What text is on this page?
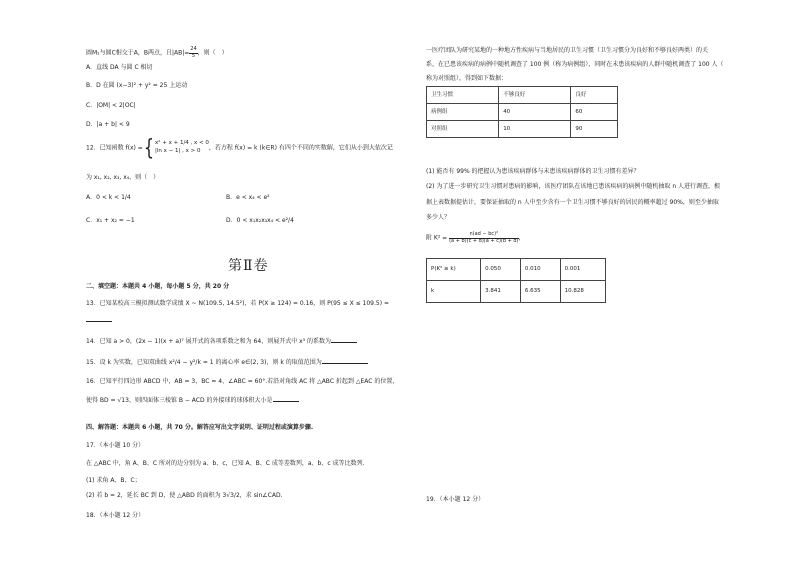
圆M₁与圆C相交于A，B两点，且$|AB|= \frac{24}{5}$ ，则（　）
A．直线 DA 与圆 C 相切
B．D 在圆 (x−3)² + y² = 25 上运动
C．|OM| < 2|OC|
D．|a + b| < 9
12．已知函数 f(x) ={ x² + x + 1/4 , x < 0
|ln x − 1| , x > 0	，若方程 f(x) = k (k∈R) 有四个不同的实数解，它们从小到大依次记
为 x₁, x₂, x₃, x₄，则（　）
A．0 < k < 1/4	B．e < x₄ < e²
C．x₁ + x₂ = −1	D．0 < x₁x₂x₃x₄ < e²/4
第Ⅱ卷
二、填空题：本题共 4 小题，每小题 5 分，共 20 分
13．已知某校高三模拟测试数学成绩 X ~ N(109.5, 14.5²)，若 P(X ≥ 124) = 0.16，则 P(95 ≤ X ≤ 109.5) =
14．已知 a > 0，(2x − 1)(x + a)⁷ 展开式的各项系数之和为 64，则展开式中 x³ 的系数为
15．设 k 为实数，已知双曲线 x²/4 − y²/k = 1 的离心率 e∈(2, 3)，则 k 的取值范围为
16．已知平行四边形 ABCD 中，AB = 3，BC = 4，∠ABC = 60°.若沿对角线 AC 将 △ABC 折起到 △EAC 的位置，
使得 BD = √13，则四面体三棱锥 B − ACD 的外接球的球体积大小是
四、解答题：本题共 6 小题，共 70 分。解答应写出文字说明、证明过程或演算步骤.
17．（本小题 10 分）
在 △ABC 中，角 A、B、C 所对的边分别为 a、b、c，已知 A、B、C 成等差数列，a、b、c 成等比数列.
(1) 求角 A、B、C；
(2) 若 b = 2，延长 BC 到 D，使 △ABD 的面积为 3√3/2，求 sin∠CAD.
18．（本小题 12 分）
一医疗团队为研究某地的一种地方性疾病与当地居民的卫生习惯（卫生习惯分为良好和不够良好两类）的关
系，在已患该疾病的病例中随机调查了 100 例（称为病例组），同时在未患该疾病的人群中随机调查了 100 人（
称为对照组），得到如下数据：
卫生习惯	不够良好	良好
病例组	40	60
对照组	10	90
(1) 能否有 99% 的把握认为患该疾病群体与未患该疾病群体的卫生习惯有差异？
(2) 为了进一步研究卫生习惯对患病的影响，该医疗团队在该地已患该疾病的病例中随机抽取 n 人进行调查，根
据上表数据提估计，要保证抽取的 n 人中至少含有一个卫生习惯不够良好的居民的概率超过 90%，则至少抽取
多少人？
附 $K^2 = \frac{\text{n(ad − bc)²}}{(a + b)(c + d)(a + c)(b + d)}$ ，
P(K² ≥ k)	0.050	0.010	0.001
k	3.841	6.635	10.828
19．（本小题 12 分）
